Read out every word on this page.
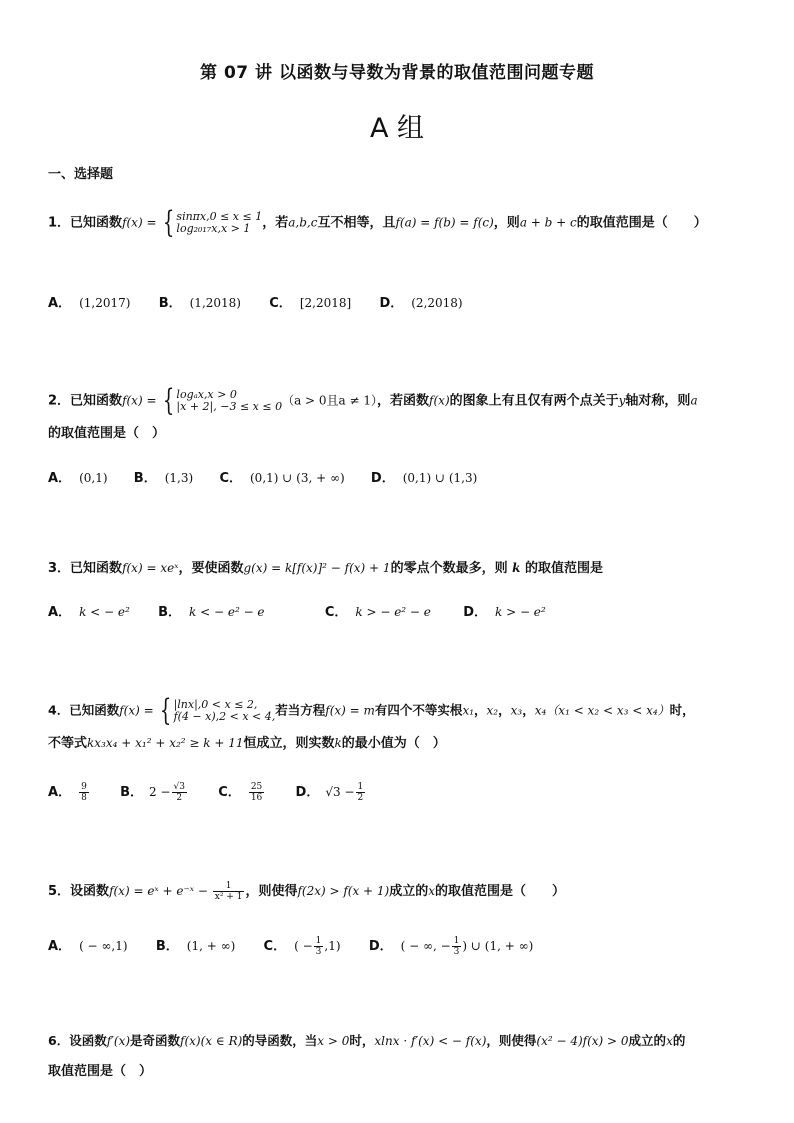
第 07 讲 以函数与导数为背景的取值范围问题专题
A 组
一、选择题
1．已知函数f(x) = { sinπx,0 ≤ x ≤ 1
log₂₀₁₇x,x > 1 ，若a,b,c互不相等，且f(a) = f(b) = f(c)，则a + b + c的取值范围是（　　）
A． (1,2017) B． (1,2018) C． [2,2018] D． (2,2018)
2．已知函数f(x) = { logₐx,x > 0
|x + 2|, −3 ≤ x ≤ 0 （a > 0且a ≠ 1），若函数f(x)的图象上有且仅有两个点关于y轴对称，则a
的取值范围是（　）
A． (0,1) B． (1,3) C． (0,1) ∪ (3, + ∞) D． (0,1) ∪ (1,3)
3．已知函数f(x) = xeˣ，要使函数g(x) = k[f(x)]² − f(x) + 1的零点个数最多，则 k 的取值范围是
A． k < − e² B． k < − e² − e	C． k > − e² − e D． k > − e²
4．已知函数f(x) = { |lnx|,0 < x ≤ 2,
f(4 − x),2 < x < 4, 若当方程f(x) = m有四个不等实根x₁，x₂，x₃，x₄（x₁ < x₂ < x₃ < x₄）时，
不等式kx₃x₄ + x₁² + x₂² ≥ k + 11恒成立，则实数k的最小值为（　）
A． $\frac{9}{8}$ B． $2 - \frac{√3}{2}$ C． $\frac{25}{16}$ D． $√3 - \frac{1}{2}$
5．设函数f(x) = eˣ + e⁻ˣ − $\frac{1}{\text{x² + 1}}$ ，则使得f(2x) > f(x + 1)成立的x的取值范围是（　　）
A． ( − ∞,1) B． (1, + ∞) C． ( − $\frac{1}{3} ,1$) D． ( − ∞, − $\frac{1}{3}$ ) ∪ (1, + ∞)
6．设函数f′(x)是奇函数f(x)(x ∈ R)的导函数，当x > 0时，xlnx · f′(x) < − f(x)，则使得(x² − 4)f(x) > 0成立的x的
取值范围是（　）
